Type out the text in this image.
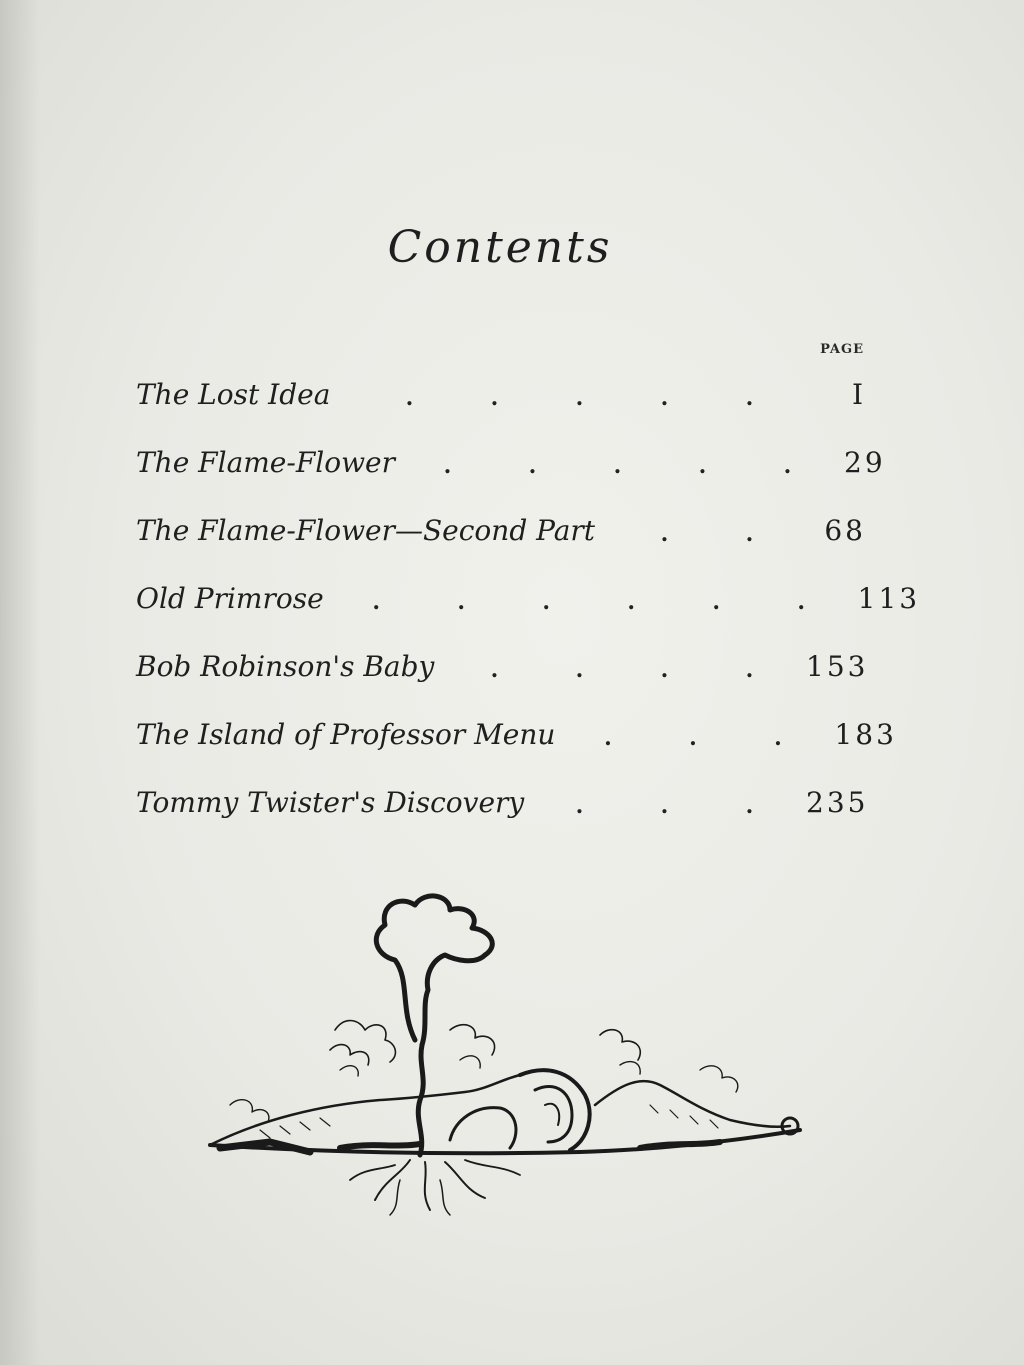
Contents
PAGE
The Lost Idea	.	.	.	.	.	I
The Flame-Flower	.	.	.	.	.	29
The Flame-Flower—Second Part	.	.	68
Old Primrose	.	.	.	.	.	.	113
Bob Robinson's Baby	.	.	.	.	153
The Island of Professor Menu	.	.	.	183
Tommy Twister's Discovery	.	.	.	235
